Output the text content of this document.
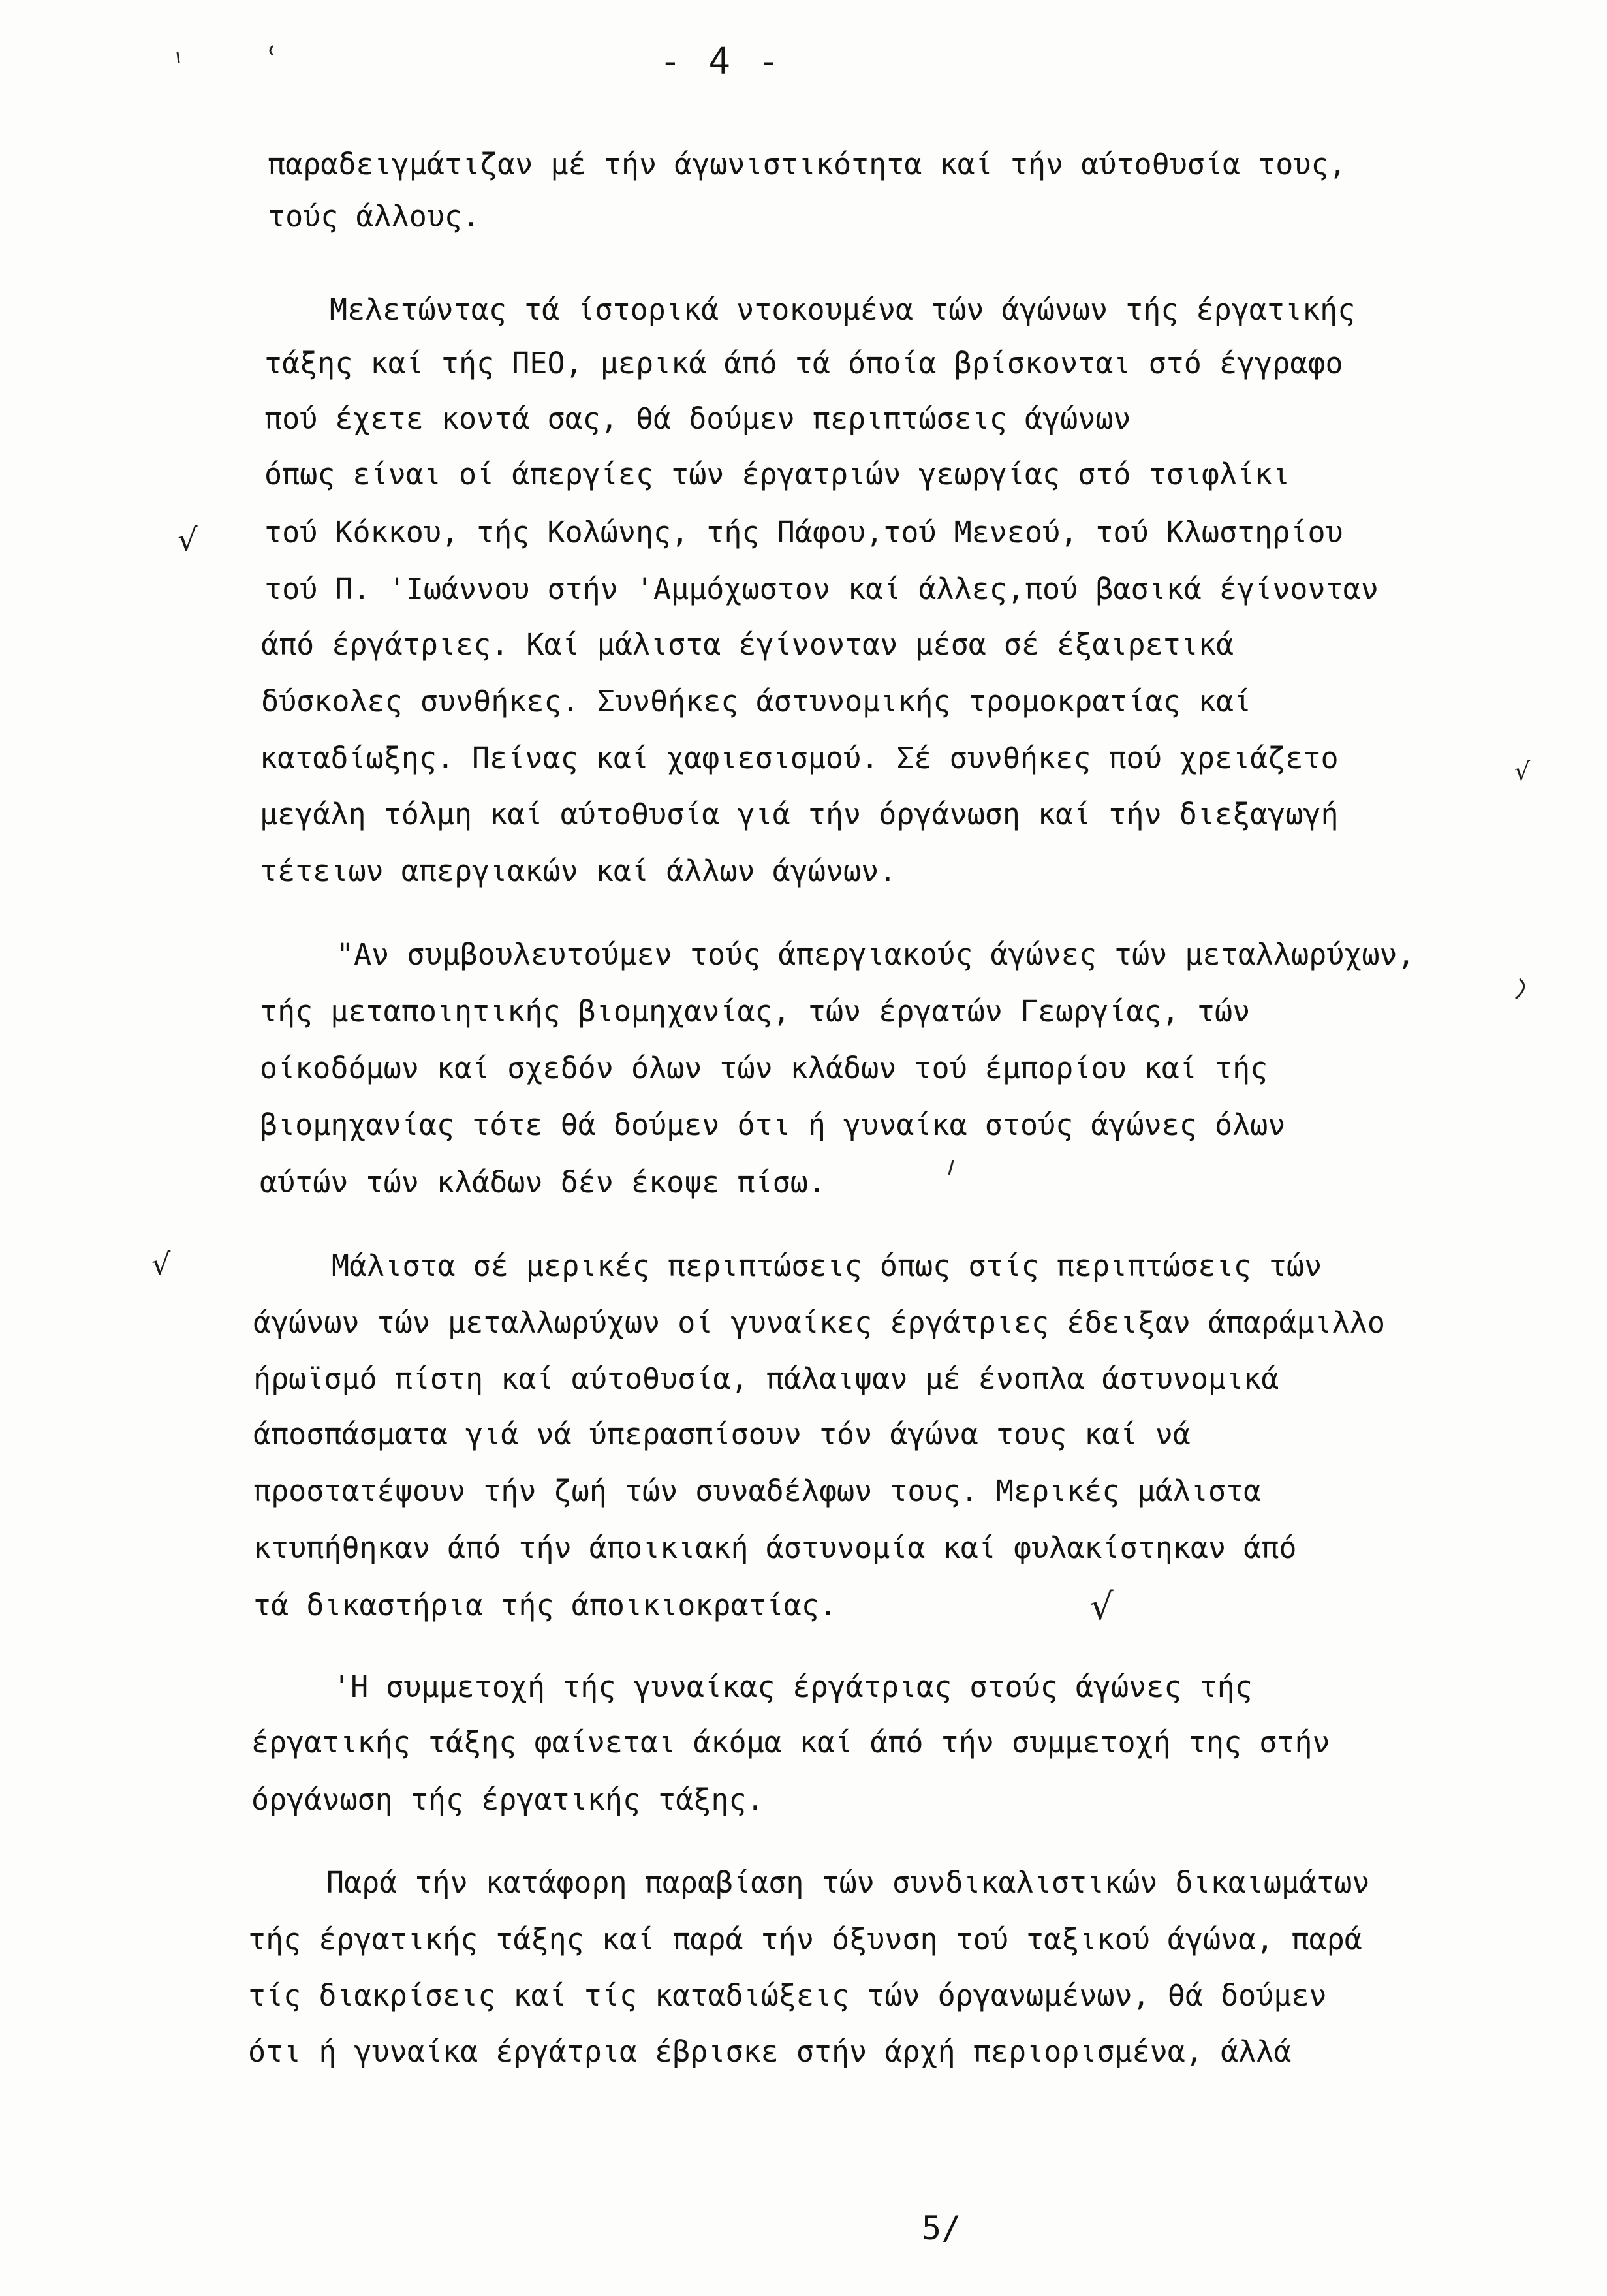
- 4 -
παραδειγμάτιζαν μέ τήν άγωνιστικότητα καί τήν αύτοθυσία τους,
τούς άλλους.
Μελετώντας τά ίστορικά ντοκουμένα τών άγώνων τής έργατικής
τάξης καί τής ΠΕΟ, μερικά άπό τά όποία βρίσκονται στό έγγραφο
πού έχετε κοντά σας, θά δούμεν περιπτώσεις άγώνων
όπως είναι οί άπεργίες τών έργατριών γεωργίας στό τσιφλίκι
τού Κόκκου, τής Κολώνης, τής Πάφου,τού Μενεού, τού Κλωστηρίου
τού Π. 'Ιωάννου στήν 'Αμμόχωστον καί άλλες,πού βασικά έγίνονταν
άπό έργάτριες. Καί μάλιστα έγίνονταν μέσα σέ έξαιρετικά
δύσκολες συνθήκες. Συνθήκες άστυνομικής τρομοκρατίας καί
καταδίωξης. Πείνας καί χαφιεσισμού. Σέ συνθήκες πού χρειάζετο
μεγάλη τόλμη καί αύτοθυσία γιά τήν όργάνωση καί τήν διεξαγωγή
τέτειων απεργιακών καί άλλων άγώνων.
"Αν συμβουλευτούμεν τούς άπεργιακούς άγώνες τών μεταλλωρύχων,
τής μεταποιητικής βιομηχανίας, τών έργατών Γεωργίας, τών
οίκοδόμων καί σχεδόν όλων τών κλάδων τού έμπορίου καί τής
βιομηχανίας τότε θά δούμεν ότι ή γυναίκα στούς άγώνες όλων
αύτών τών κλάδων δέν έκοψε πίσω.
Μάλιστα σέ μερικές περιπτώσεις όπως στίς περιπτώσεις τών
άγώνων τών μεταλλωρύχων οί γυναίκες έργάτριες έδειξαν άπαράμιλλο
ήρωϊσμό πίστη καί αύτοθυσία, πάλαιψαν μέ ένοπλα άστυνομικά
άποσπάσματα γιά νά ύπερασπίσουν τόν άγώνα τους καί νά
προστατέψουν τήν ζωή τών συναδέλφων τους. Μερικές μάλιστα
κτυπήθηκαν άπό τήν άποικιακή άστυνομία καί φυλακίστηκαν άπό
τά δικαστήρια τής άποικιοκρατίας.
'Η συμμετοχή τής γυναίκας έργάτριας στούς άγώνες τής
έργατικής τάξης φαίνεται άκόμα καί άπό τήν συμμετοχή της στήν
όργάνωση τής έργατικής τάξης.
Παρά τήν κατάφορη παραβίαση τών συνδικαλιστικών δικαιωμάτων
τής έργατικής τάξης καί παρά τήν όξυνση τού ταξικού άγώνα, παρά
τίς διακρίσεις καί τίς καταδιώξεις τών όργανωμένων, θά δούμεν
ότι ή γυναίκα έργάτρια έβρισκε στήν άρχή περιορισμένα, άλλά
√
√
√
√
5/
